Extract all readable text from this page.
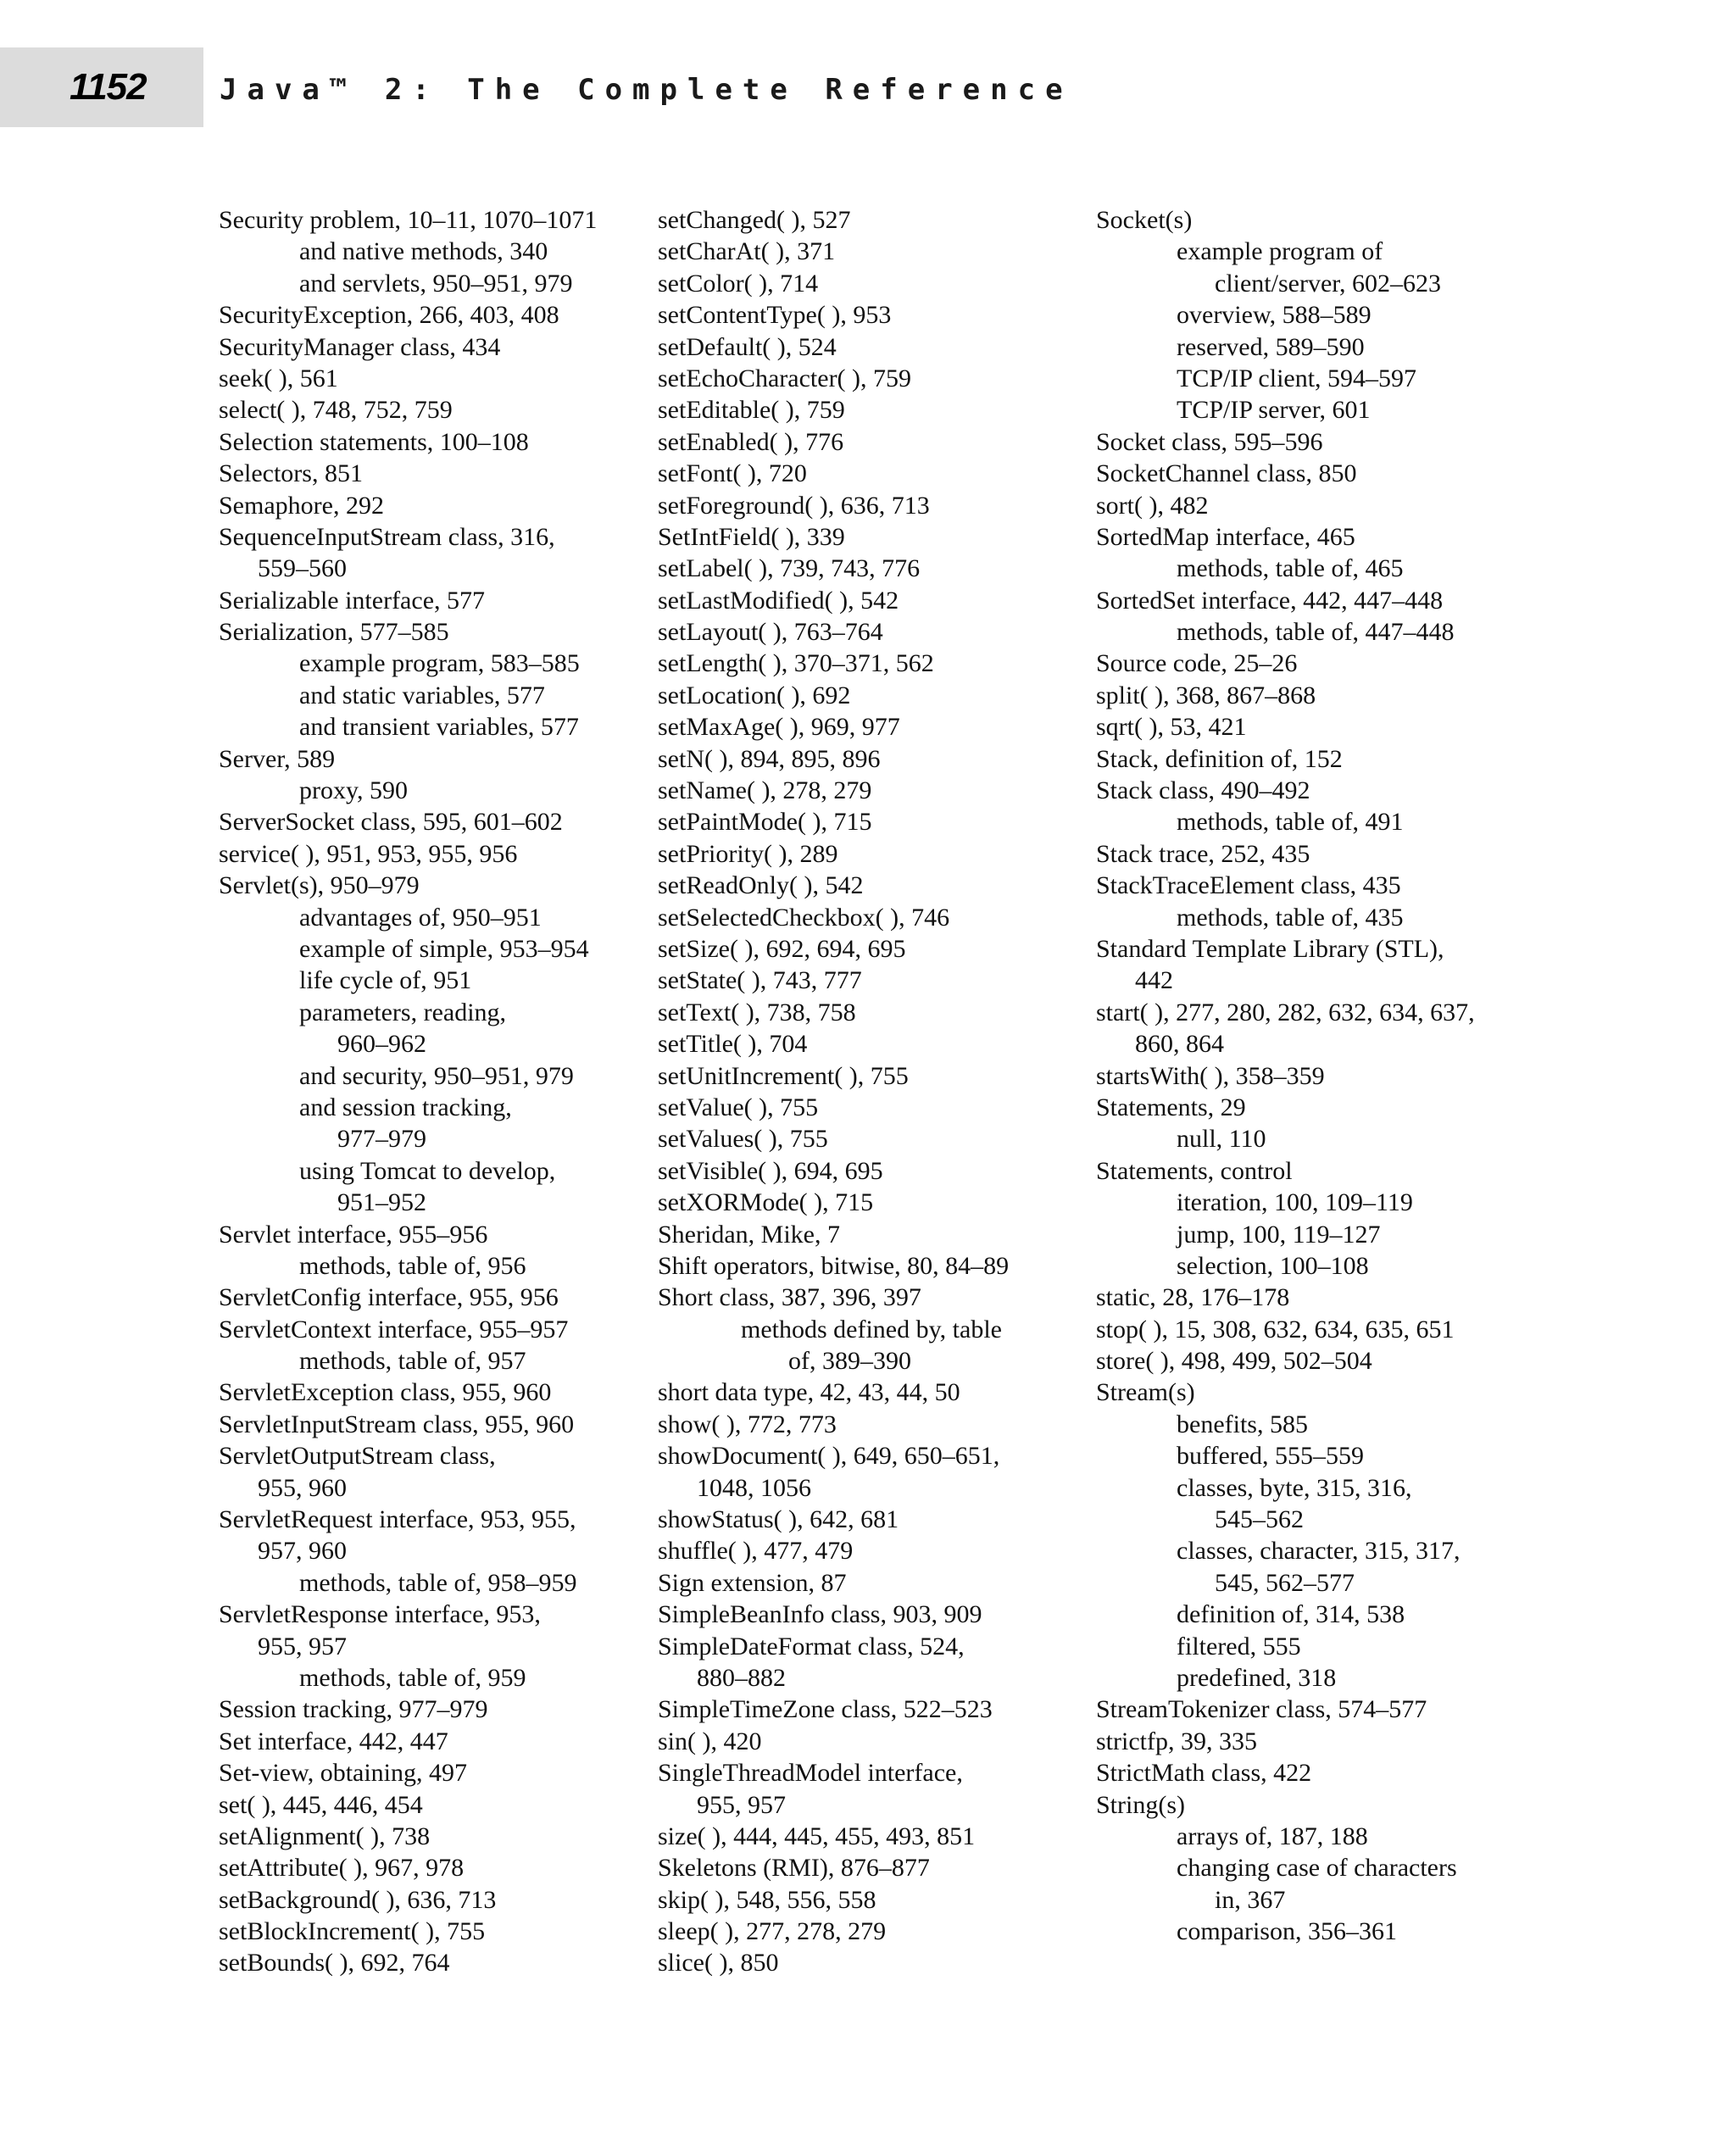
1152	Java™ 2: The Complete Reference
Security problem, 10–11, 1070–1071
and native methods, 340
and servlets, 950–951, 979
SecurityException, 266, 403, 408
SecurityManager class, 434
seek( ), 561
select( ), 748, 752, 759
Selection statements, 100–108
Selectors, 851
Semaphore, 292
SequenceInputStream class, 316,
559–560
Serializable interface, 577
Serialization, 577–585
example program, 583–585
and static variables, 577
and transient variables, 577
Server, 589
proxy, 590
ServerSocket class, 595, 601–602
service( ), 951, 953, 955, 956
Servlet(s), 950–979
advantages of, 950–951
example of simple, 953–954
life cycle of, 951
parameters, reading,
960–962
and security, 950–951, 979
and session tracking,
977–979
using Tomcat to develop,
951–952
Servlet interface, 955–956
methods, table of, 956
ServletConfig interface, 955, 956
ServletContext interface, 955–957
methods, table of, 957
ServletException class, 955, 960
ServletInputStream class, 955, 960
ServletOutputStream class,
955, 960
ServletRequest interface, 953, 955,
957, 960
methods, table of, 958–959
ServletResponse interface, 953,
955, 957
methods, table of, 959
Session tracking, 977–979
Set interface, 442, 447
Set-view, obtaining, 497
set( ), 445, 446, 454
setAlignment( ), 738
setAttribute( ), 967, 978
setBackground( ), 636, 713
setBlockIncrement( ), 755
setBounds( ), 692, 764
setChanged( ), 527
setCharAt( ), 371
setColor( ), 714
setContentType( ), 953
setDefault( ), 524
setEchoCharacter( ), 759
setEditable( ), 759
setEnabled( ), 776
setFont( ), 720
setForeground( ), 636, 713
SetIntField( ), 339
setLabel( ), 739, 743, 776
setLastModified( ), 542
setLayout( ), 763–764
setLength( ), 370–371, 562
setLocation( ), 692
setMaxAge( ), 969, 977
setN( ), 894, 895, 896
setName( ), 278, 279
setPaintMode( ), 715
setPriority( ), 289
setReadOnly( ), 542
setSelectedCheckbox( ), 746
setSize( ), 692, 694, 695
setState( ), 743, 777
setText( ), 738, 758
setTitle( ), 704
setUnitIncrement( ), 755
setValue( ), 755
setValues( ), 755
setVisible( ), 694, 695
setXORMode( ), 715
Sheridan, Mike, 7
Shift operators, bitwise, 80, 84–89
Short class, 387, 396, 397
methods defined by, table
of, 389–390
short data type, 42, 43, 44, 50
show( ), 772, 773
showDocument( ), 649, 650–651,
1048, 1056
showStatus( ), 642, 681
shuffle( ), 477, 479
Sign extension, 87
SimpleBeanInfo class, 903, 909
SimpleDateFormat class, 524,
880–882
SimpleTimeZone class, 522–523
sin( ), 420
SingleThreadModel interface,
955, 957
size( ), 444, 445, 455, 493, 851
Skeletons (RMI), 876–877
skip( ), 548, 556, 558
sleep( ), 277, 278, 279
slice( ), 850
Socket(s)
example program of
client/server, 602–623
overview, 588–589
reserved, 589–590
TCP/IP client, 594–597
TCP/IP server, 601
Socket class, 595–596
SocketChannel class, 850
sort( ), 482
SortedMap interface, 465
methods, table of, 465
SortedSet interface, 442, 447–448
methods, table of, 447–448
Source code, 25–26
split( ), 368, 867–868
sqrt( ), 53, 421
Stack, definition of, 152
Stack class, 490–492
methods, table of, 491
Stack trace, 252, 435
StackTraceElement class, 435
methods, table of, 435
Standard Template Library (STL),
442
start( ), 277, 280, 282, 632, 634, 637,
860, 864
startsWith( ), 358–359
Statements, 29
null, 110
Statements, control
iteration, 100, 109–119
jump, 100, 119–127
selection, 100–108
static, 28, 176–178
stop( ), 15, 308, 632, 634, 635, 651
store( ), 498, 499, 502–504
Stream(s)
benefits, 585
buffered, 555–559
classes, byte, 315, 316,
545–562
classes, character, 315, 317,
545, 562–577
definition of, 314, 538
filtered, 555
predefined, 318
StreamTokenizer class, 574–577
strictfp, 39, 335
StrictMath class, 422
String(s)
arrays of, 187, 188
changing case of characters
in, 367
comparison, 356–361
